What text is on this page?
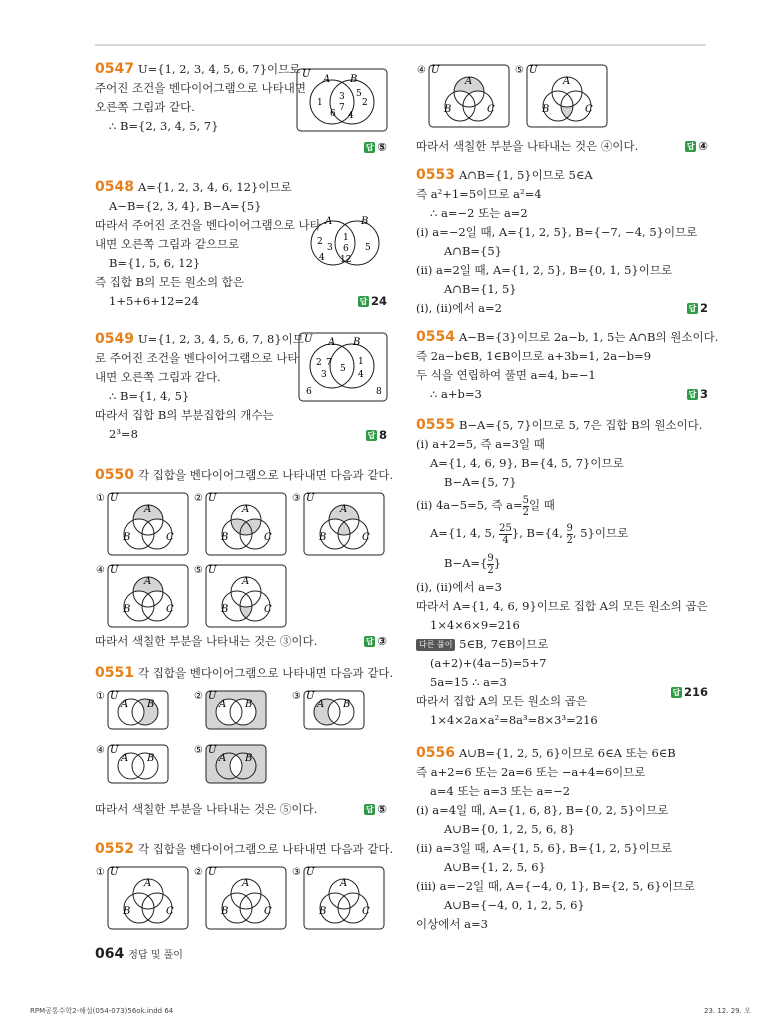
0547 U={1, 2, 3, 4, 5, 6, 7}이므로
주어진 조건을 벤다이어그램으로 나타내면
오른쪽 그림과 같다.
∴ B={2, 3, 4, 5, 7}
답 ⑤
U A B
1
3
7 2
6 4
5
0548 A={1, 2, 3, 4, 6, 12}이므로
A−B={2, 3, 4}, B−A={5}
따라서 주어진 조건을 벤다이어그램으로 나타
내면 오른쪽 그림과 같으므로
B={1, 5, 6, 12}
즉 집합 B의 모든 원소의 합은
1+5+6+12=24	답 24
A	B
2
3
4
1
6
12
5
0549 U={1, 2, 3, 4, 5, 6, 7, 8}이므
로 주어진 조건을 벤다이어그램으로 나타
내면 오른쪽 그림과 같다.
∴ B={1, 4, 5}
따라서 집합 B의 부분집합의 개수는
2³=8	답 8
U A B
2 7
3
5
1
4
6	8
0550 각 집합을 벤다이어그램으로 나타내면 다음과 같다.
① U
A
B	C
② U
A
B	C
③ U
A
B	C
④ U
A
B	C
⑤ U
A
B	C
따라서 색칠한 부분을 나타내는 것은 ③이다.	답 ③
0551 각 집합을 벤다이어그램으로 나타내면 다음과 같다.
① U
A B
② U
A B
③ U
A B
④ U
A B
⑤ U
A B
따라서 색칠한 부분을 나타내는 것은 ⑤이다.	답 ⑤
0552 각 집합을 벤다이어그램으로 나타내면 다음과 같다.
① U
A
B	C
② U
A
B	C
③ U
A
B	C
④ U
A
B	C
⑤ U
A
B	C
따라서 색칠한 부분을 나타내는 것은 ④이다.	답 ④
0553 A∩B={1, 5}이므로 5∈A
즉 a²+1=5이므로 a²=4
∴ a=−2 또는 a=2
(ⅰ) a=−2일 때, A={1, 2, 5}, B={−7, −4, 5}이므로
A∩B={5}
(ⅱ) a=2일 때, A={1, 2, 5}, B={0, 1, 5}이므로
A∩B={1, 5}
(ⅰ), (ⅱ)에서 a=2	답 2
0554 A−B={3}이므로 2a−b, 1, 5는 A∩B의 원소이다.
즉 2a−b∈B, 1∈B이므로 a+3b=1, 2a−b=9
두 식을 연립하여 풀면 a=4, b=−1
∴ a+b=3	답 3
0555 B−A={5, 7}이므로 5, 7은 집합 B의 원소이다.
(ⅰ) a+2=5, 즉 a=3일 때
A={1, 4, 6, 9}, B={4, 5, 7}이므로
B−A={5, 7}
(ⅱ) 4a−5=5, 즉 $a= \frac{5}{2}$ 일 때
A={1, 4, 5, $\frac{25}{4}$ }, B={4, $\frac{9}{2}$ , 5}이므로
$B-A=\{ \frac{9}{2}$ }
(ⅰ), (ⅱ)에서 a=3
따라서 A={1, 4, 6, 9}이므로 집합 A의 모든 원소의 곱은
1×4×6×9=216
답 216
다른 풀이 5∈B, 7∈B이므로
(a+2)+(4a−5)=5+7
5a=15 ∴ a=3
따라서 집합 A의 모든 원소의 곱은
1×4×2a×a²=8a³=8×3³=216
0556 A∪B={1, 2, 5, 6}이므로 6∈A 또는 6∈B
즉 a+2=6 또는 2a=6 또는 −a+4=6이므로
a=4 또는 a=3 또는 a=−2
(ⅰ) a=4일 때, A={1, 6, 8}, B={0, 2, 5}이므로
A∪B={0, 1, 2, 5, 6, 8}
(ⅱ) a=3일 때, A={1, 5, 6}, B={1, 2, 5}이므로
A∪B={1, 2, 5, 6}
(ⅲ) a=−2일 때, A={−4, 0, 1}, B={2, 5, 6}이므로
A∪B={−4, 0, 1, 2, 5, 6}
이상에서 a=3
064 정답 및 풀이
RPM공통수학2-해설(054-073)56ok.indd 64	23. 12. 29. 오
